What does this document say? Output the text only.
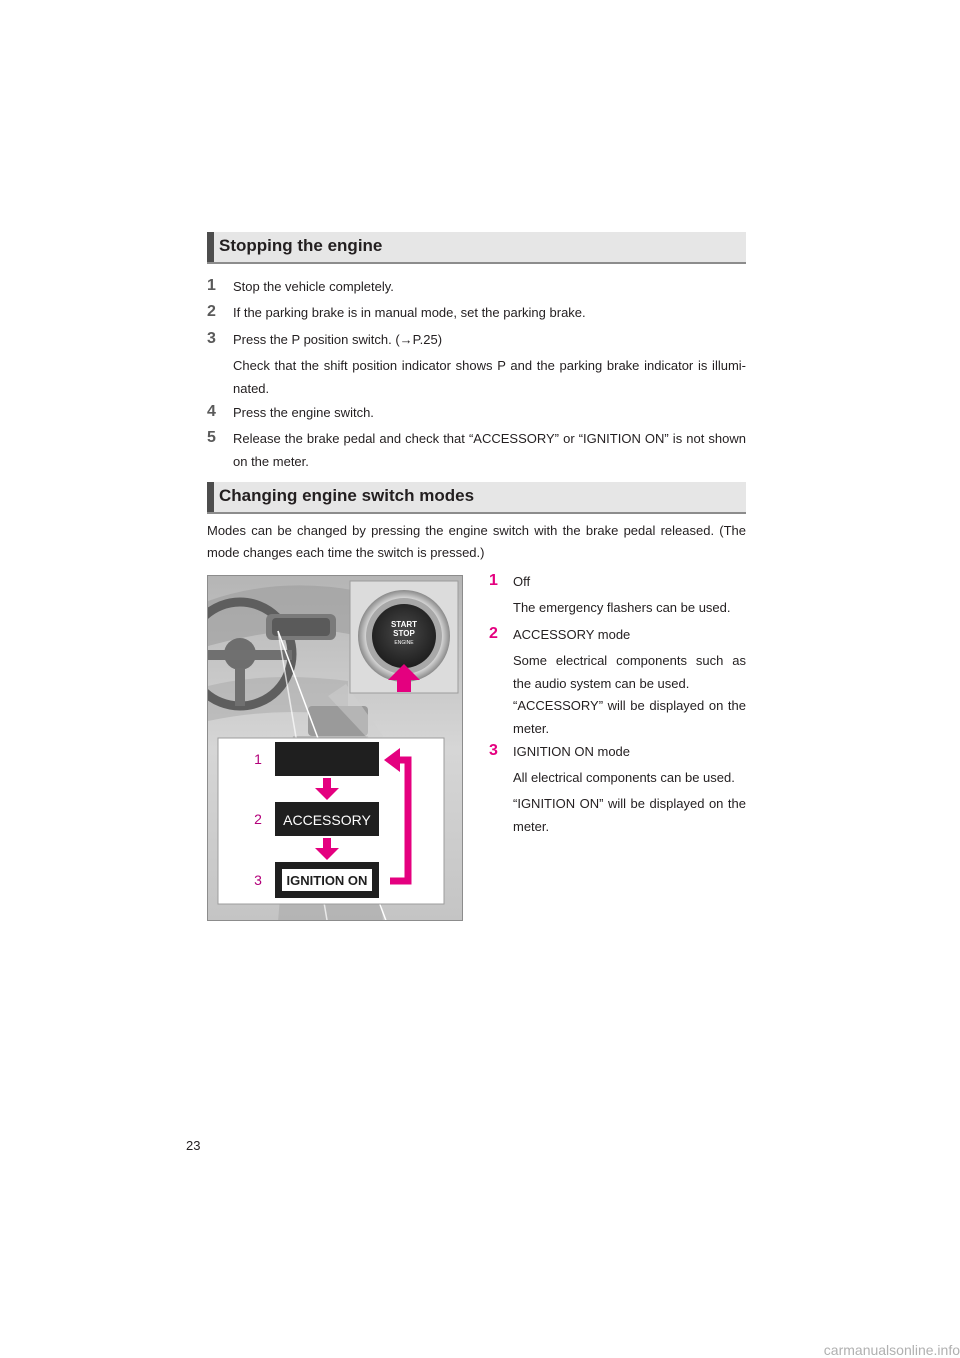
Stopping the engine
1 Stop the vehicle completely.
2 If the parking brake is in manual mode, set the parking brake.
3 Press the P position switch. (→P.25)
Check that the shift position indicator shows P and the parking brake indicator is illumi-nated.
4 Press the engine switch.
5 Release the brake pedal and check that “ACCESSORY” or “IGNITION ON” is not shown on the meter.
Changing engine switch modes
Modes can be changed by pressing the engine switch with the brake pedal released. (The mode changes each time the switch is pressed.)
1 Off
The emergency flashers can be used.
2 ACCESSORY mode
Some electrical components such as the audio system can be used.
“ACCESSORY” will be displayed on the meter.
3 IGNITION ON mode
All electrical components can be used.
“IGNITION ON” will be displayed on the meter.
START
STOP
ENGINE
1
2
3
ACCESSORY
IGNITION ON
23
carmanualsonline.info
